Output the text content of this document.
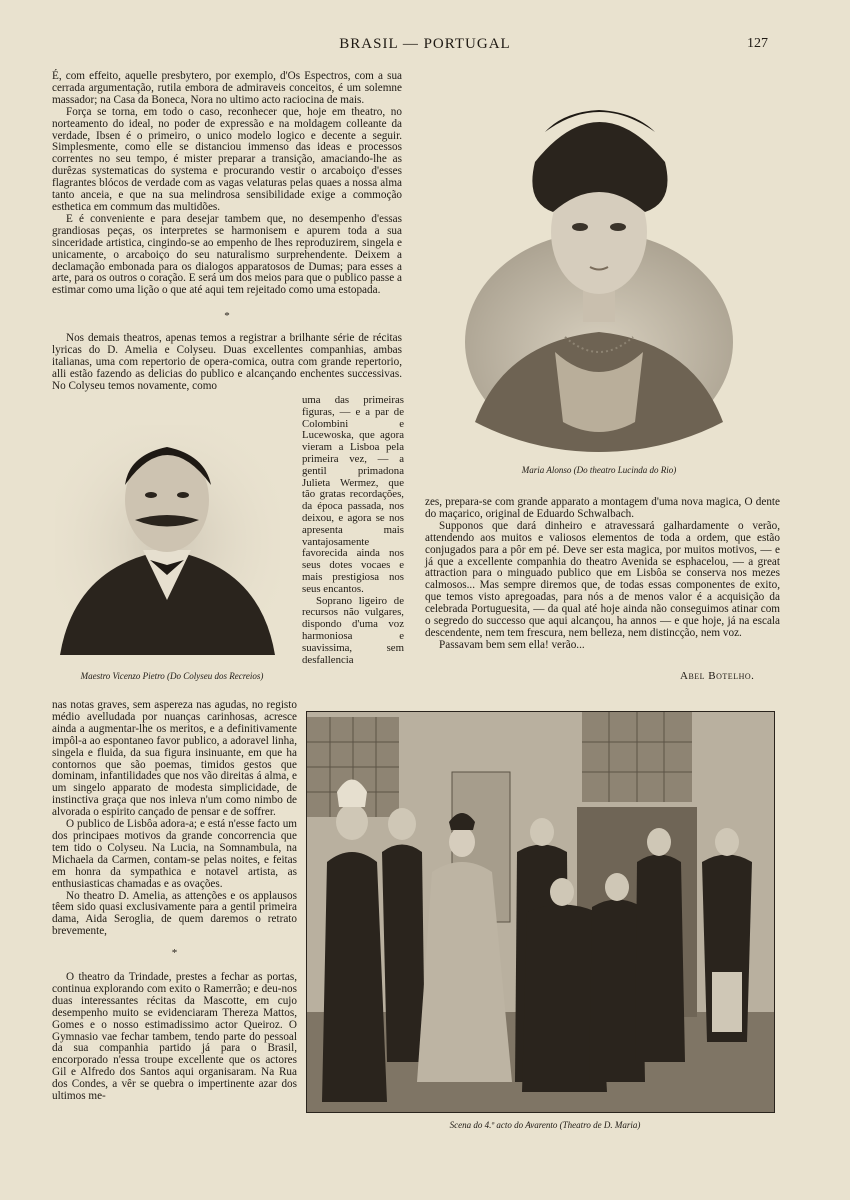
BRASIL — PORTUGAL	127

É, com effeito, aquelle presbytero, por exemplo, d'Os Espectros, com a sua cerrada argumentação, rutila embora de admiraveis conceitos, é um solemne massador; na Casa da Boneca, Nora no ultimo acto raciocina de mais.

Força se torna, em todo o caso, reconhecer que, hoje em theatro, no norteamento do ideal, no poder de expressão e na moldagem colleante da verdade, Ibsen é o primeiro, o unico modelo logico e decente a seguir. Simplesmente, como elle se distanciou immenso das ideas e processos correntes no seu tempo, é mister preparar a transição, amaciando-lhe as durêzas systematicas do systema e procurando vestir o arcaboiço d'esses flagrantes blócos de verdade com as vagas velaturas pelas quaes a nossa alma tanto anceia, e que na sua melindrosa sensibilidade exige a commoção esthetica em commum das multidões.

E é conveniente e para desejar tambem que, no desempenho d'essas grandiosas peças, os interpretes se harmonisem e apurem toda a sua sinceridade artistica, cingindo-se ao empenho de lhes reproduzirem, singela e unicamente, o arcaboiço do seu naturalismo surprehendente. Deixem a declamação embonada para os dialogos apparatosos de Dumas; para esses a arte, para os outros o coração. E será um dos meios para que o publico passe a estimar como uma lição o que até aqui tem rejeitado como uma estopada.

*

Nos demais theatros, apenas temos a registrar a brilhante série de récitas lyricas do D. Amelia e Colyseu. Duas excellentes companhias, ambas italianas, uma com repertorio de opera-comica, outra com grande repertorio, alli estão fazendo as delicias do publico e alcançando enchentes successivas. No Colyseu temos novamente, como

Maria Alonso (Do theatro Lucinda do Rio)
Maestro Vicenzo Pietro (Do Colyseu dos Recreios)

uma das primeiras figuras, — e a par de Colombini e Lucewoska, que agora vieram a Lisboa pela primeira vez, — a gentil primadona Julieta Wermez, que tão gratas recordações, da época passada, nos deixou, e agora se nos apresenta mais vantajosamente favorecida ainda nos seus dotes vocaes e mais prestigiosa nos seus encantos.

Soprano ligeiro de recursos não vulgares, dispondo d'uma voz harmoniosa e suavissima, sem desfallencia

zes, prepara-se com grande apparato a montagem d'uma nova magica, O dente do maçarico, original de Eduardo Schwalbach.

Supponos que dará dinheiro e atravessará galhardamente o verão, attendendo aos muitos e valiosos elementos de toda a ordem, que estão conjugados para a pôr em pé. Deve ser esta magica, por muitos motivos, — e já que a excellente companhia do theatro Avenida se esphacelou, — a great attraction para o minguado publico que em Lisbôa se conserva nos mezes calmosos... Mas sempre diremos que, de todas essas componentes de exito, que temos visto apregoadas, para nós a de menos valor é a acquisição da celebrada Portuguesita, — da qual até hoje ainda não conseguimos atinar com o segredo do successo que aqui alcançou, ha annos — e que hoje, já na escala descendente, nem tem frescura, nem belleza, nem distincção, nem voz.

Passavam bem sem ella! verão...

Abel Botelho.

nas notas graves, sem aspereza nas agudas, no registo médio avelludada por nuanças carinhosas, acresce ainda a augmentar-lhe os meritos, e a definitivamente impôl-a ao espontaneo favor publico, a adoravel linha, singela e fluida, da sua figura insinuante, em que ha contornos que são poemas, timidos gestos que dominam, infantilidades que nos vão direitas á alma, e um singelo apparato de modesta simplicidade, de instinctiva graça que nos inleva n'um como nimbo de alvorada o espirito cançado de pensar e de soffrer.

O publico de Lisbôa adora-a; e está n'esse facto um dos principaes motivos da grande concorrencia que tem tido o Colyseu. Na Lucia, na Somnambula, na Michaela da Carmen, contam-se pelas noites, e feitas em honra da sympathica e notavel artista, as enthusiasticas chamadas e as ovações.

No theatro D. Amelia, as attenções e os applausos têem sido quasi exclusivamente para a gentil primeira dama, Aida Seroglia, de quem daremos o retrato brevemente,

*

O theatro da Trindade, prestes a fechar as portas, continua explorando com exito o Ramerrão; e deu-nos duas interessantes récitas da Mascotte, em cujo desempenho muito se evidenciaram Thereza Mattos, Gomes e o nosso estimadissimo actor Queiroz. O Gymnasio vae fechar tambem, tendo parte do pessoal da sua companhia partido já para o Brasil, encorporado n'essa troupe excellente que os actores Gil e Alfredo dos Santos aqui organisaram. Na Rua dos Condes, a vêr se quebra o impertinente azar dos ultimos me-

Scena do 4.º acto do Avarento (Theatro de D. Maria)
